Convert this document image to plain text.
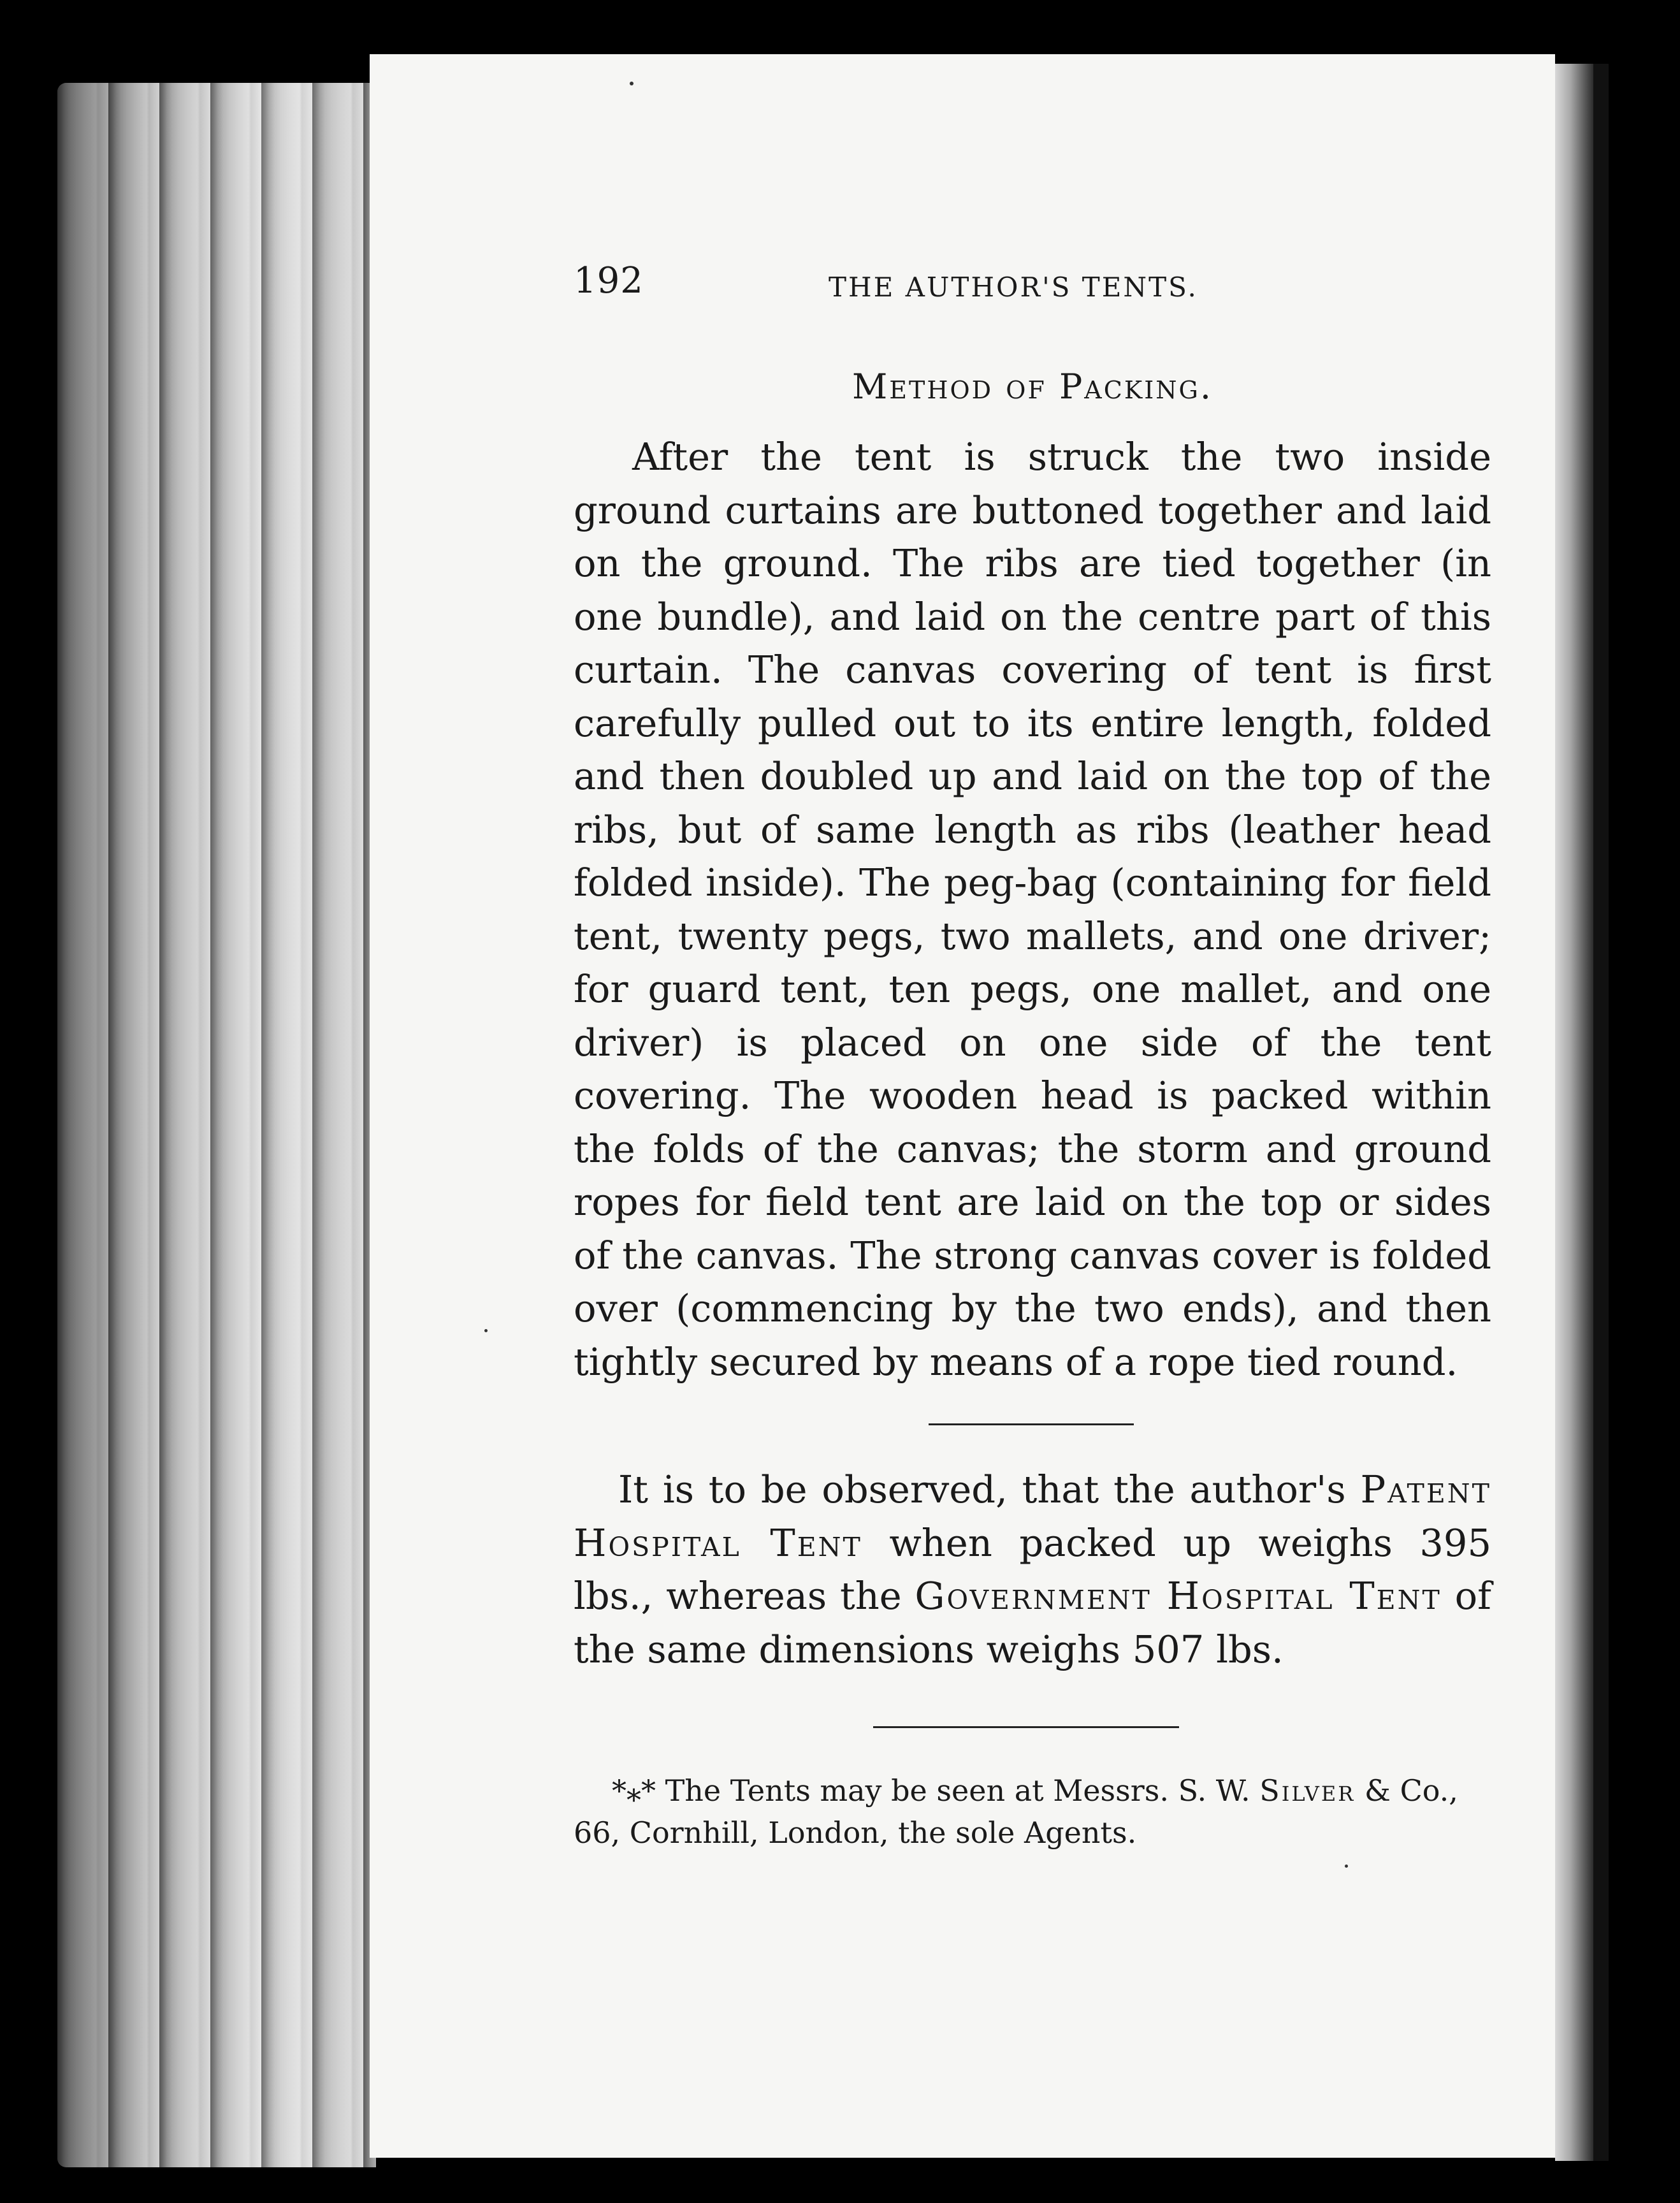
192	THE AUTHOR'S TENTS.
Method of Packing.

After the tent is struck the two inside ground curtains are buttoned together and laid on the ground. The ribs are tied together (in one bundle), and laid on the centre part of this curtain. The canvas covering of tent is first carefully pulled out to its entire length, folded and then doubled up and laid on the top of the ribs, but of same length as ribs (leather head folded inside). The peg-bag (containing for field tent, twenty pegs, two mallets, and one driver; for guard tent, ten pegs, one mallet, and one driver) is placed on one side of the tent covering. The wooden head is packed within the folds of the canvas; the storm and ground ropes for field tent are laid on the top or sides of the canvas. The strong canvas cover is folded over (commencing by the two ends), and then tightly secured by means of a rope tied round.

It is to be observed, that the author's Patent Hospital Tent when packed up weighs 395 lbs., whereas the Government Hospital Tent of the same dimensions weighs 507 lbs.

*⁎* The Tents may be seen at Messrs. S. W. Silver & Co.,
66, Cornhill, London, the sole Agents.
